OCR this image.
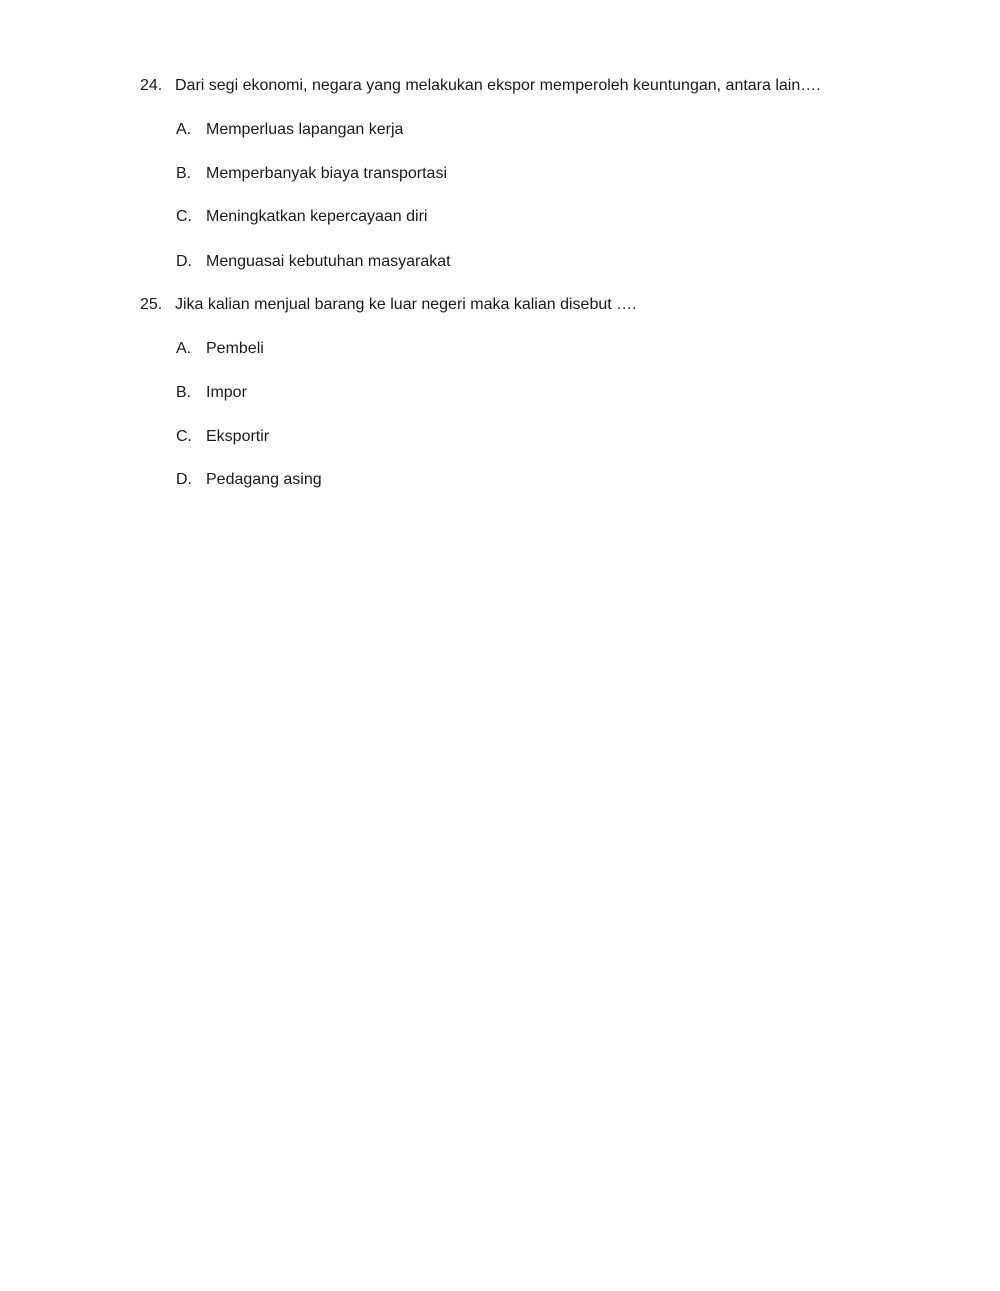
24. Dari segi ekonomi, negara yang melakukan ekspor memperoleh keuntungan, antara lain….
A. Memperluas lapangan kerja
B. Memperbanyak biaya transportasi
C. Meningkatkan kepercayaan diri
D. Menguasai kebutuhan masyarakat
25. Jika kalian menjual barang ke luar negeri maka kalian disebut ….
A. Pembeli
B. Impor
C. Eksportir
D. Pedagang asing
